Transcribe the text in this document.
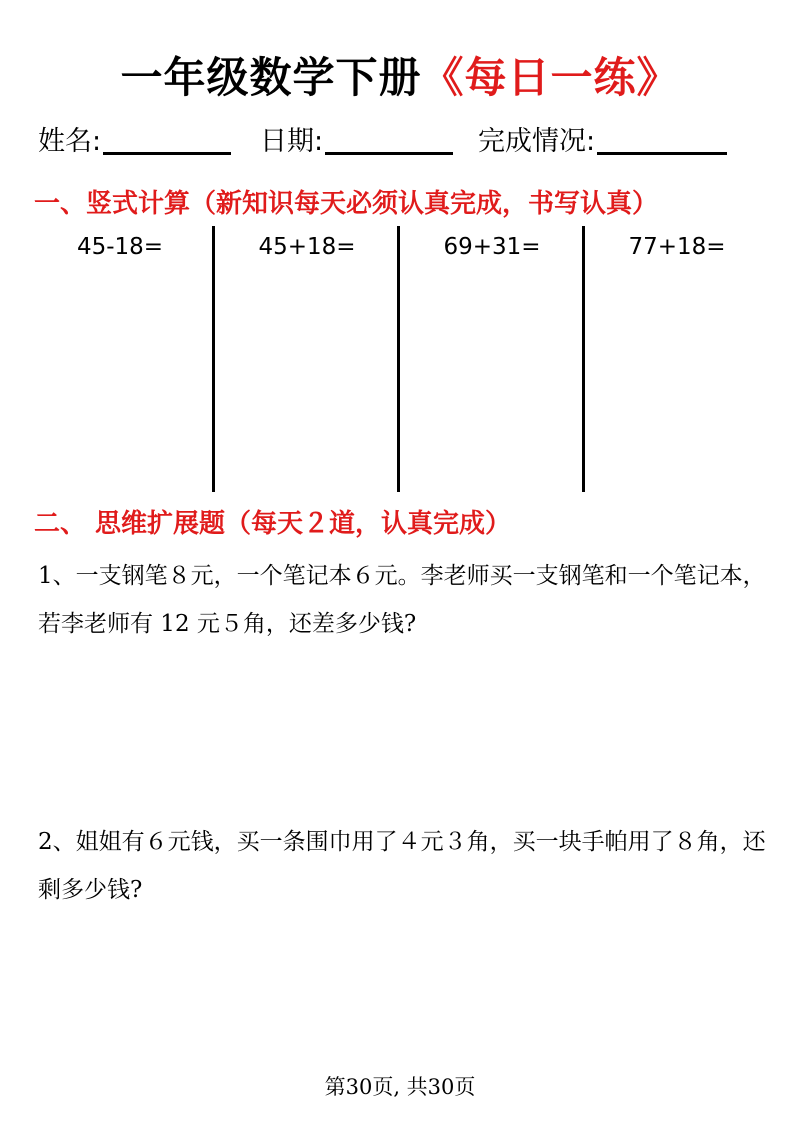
一年级数学下册《每日一练》
姓名:	日期:	完成情况:
一、竖式计算（新知识每天必须认真完成，书写认真）
45-18=	45+18=	69+31=	77+18=
二、 思维扩展题（每天２道，认真完成）
1、一支钢笔８元，一个笔记本６元。李老师买一支钢笔和一个笔记本，若李老师有 12 元５角，还差多少钱?
2、姐姐有６元钱，买一条围巾用了４元３角，买一块手帕用了８角，还剩多少钱?
第30页, 共30页
